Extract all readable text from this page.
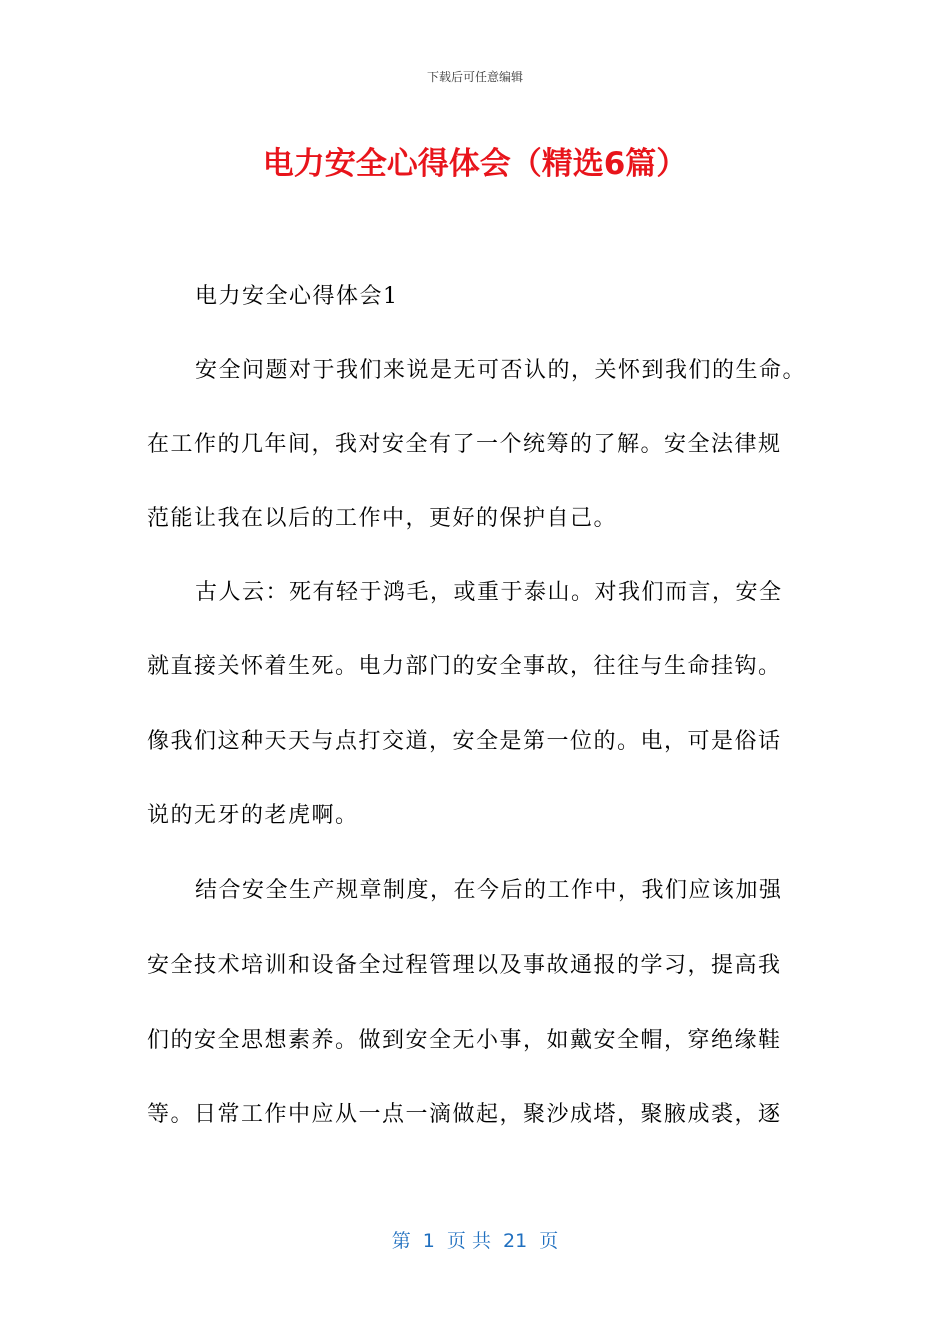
下载后可任意编辑
电力安全心得体会（精选6篇）
电力安全心得体会1
安全问题对于我们来说是无可否认的，关怀到我们的生命。
在工作的几年间，我对安全有了一个统筹的了解。安全法律规
范能让我在以后的工作中，更好的保护自己。
古人云：死有轻于鸿毛，或重于泰山。对我们而言，安全
就直接关怀着生死。电力部门的安全事故，往往与生命挂钩。
像我们这种天天与点打交道，安全是第一位的。电，可是俗话
说的无牙的老虎啊。
结合安全生产规章制度，在今后的工作中，我们应该加强
安全技术培训和设备全过程管理以及事故通报的学习，提高我
们的安全思想素养。做到安全无小事，如戴安全帽，穿绝缘鞋
等。日常工作中应从一点一滴做起，聚沙成塔，聚腋成裘，逐
第  1  页 共  21  页
